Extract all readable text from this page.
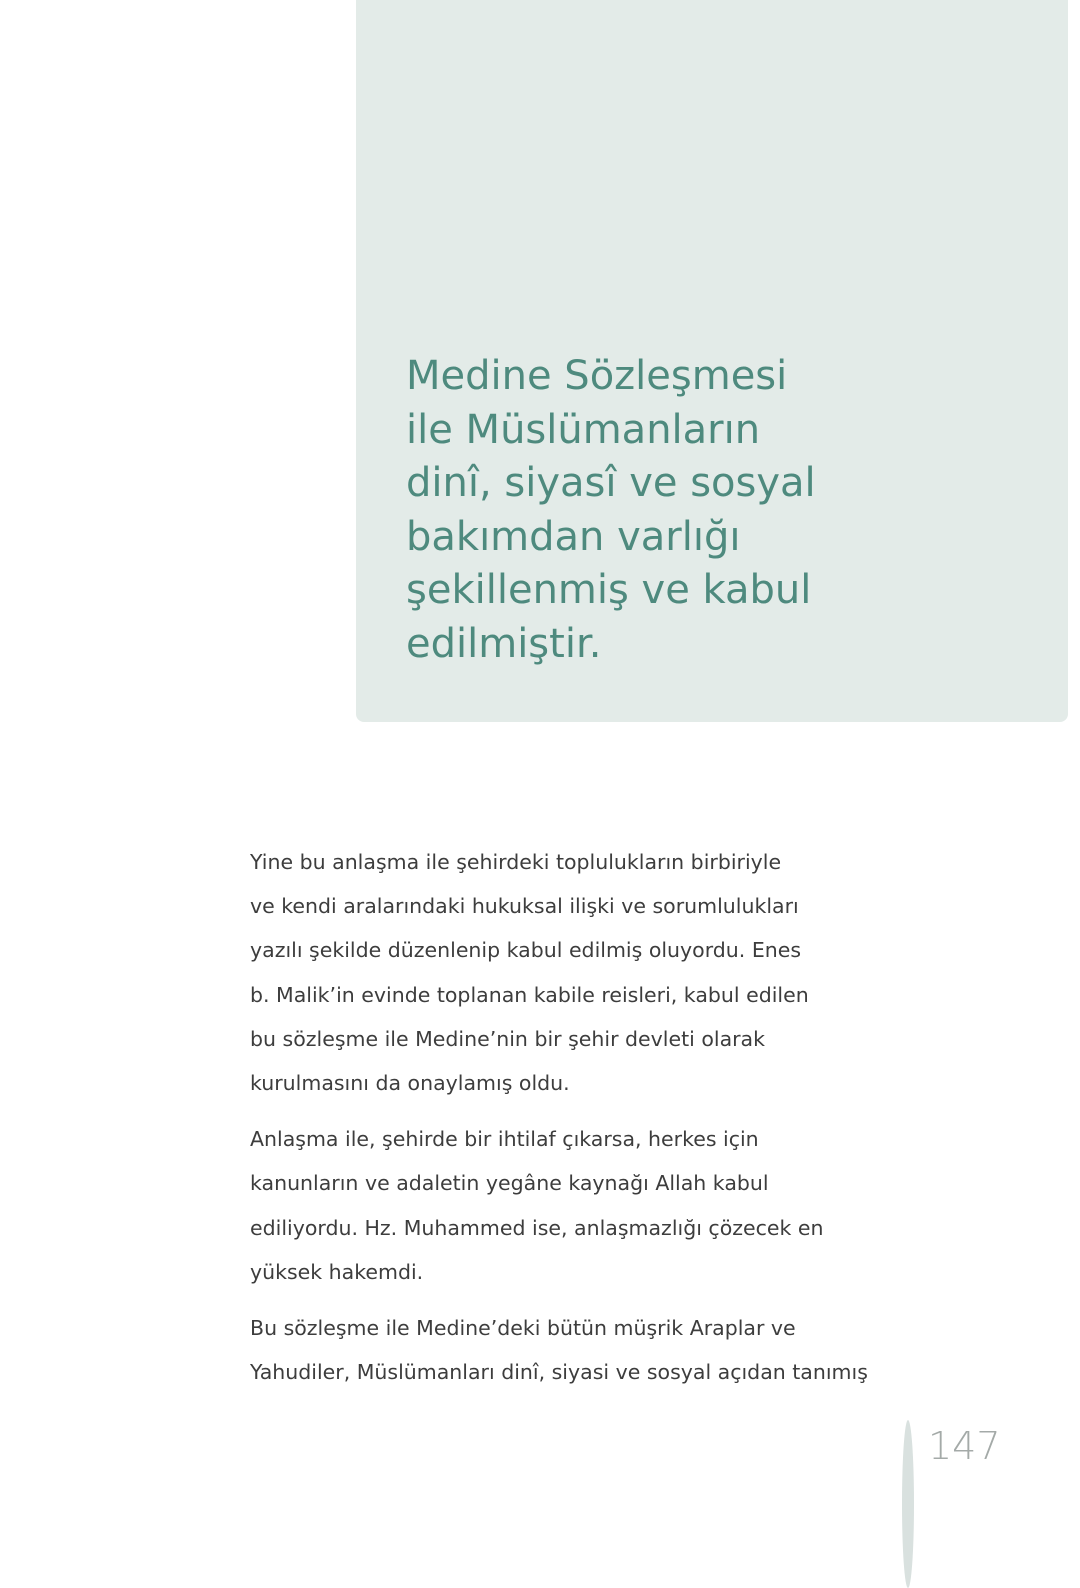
Medine Sözleşmesi
ile Müslümanların
dinî, siyasî ve sosyal
bakımdan varlığı
şekillenmiş ve kabul
edilmiştir.

Yine bu anlaşma ile şehirdeki toplulukların birbiriyle
ve kendi aralarındaki hukuksal ilişki ve sorumlulukları
yazılı şekilde düzenlenip kabul edilmiş oluyordu. Enes
b. Malik’in evinde toplanan kabile reisleri, kabul edilen
bu sözleşme ile Medine’nin bir şehir devleti olarak
kurulmasını da onaylamış oldu.

Anlaşma ile, şehirde bir ihtilaf çıkarsa, herkes için
kanunların ve adaletin yegâne kaynağı Allah kabul
ediliyordu. Hz. Muhammed ise, anlaşmazlığı çözecek en
yüksek hakemdi.

Bu sözleşme ile Medine’deki bütün müşrik Araplar ve
Yahudiler, Müslümanları dinî, siyasi ve sosyal açıdan tanımış

147
